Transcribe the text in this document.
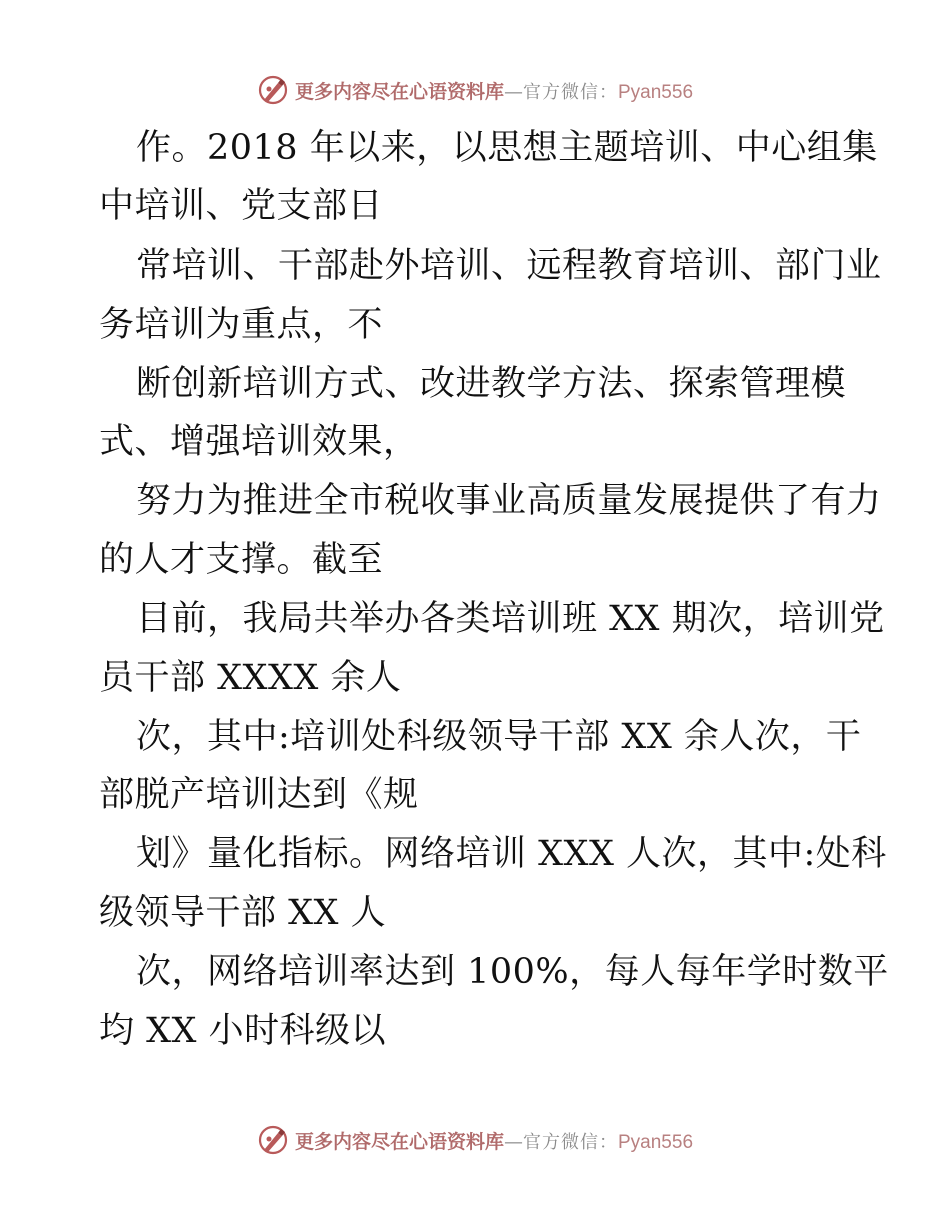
更多内容尽在心语资料库 — 官方微信： Pyan556
作。2018 年以来，以思想主题培训、中心组集
中培训、党支部日
常培训、干部赴外培训、远程教育培训、部门业
务培训为重点，不
断创新培训方式、改进教学方法、探索管理模
式、增强培训效果，
努力为推进全市税收事业高质量发展提供了有力
的人才支撑。截至
目前，我局共举办各类培训班 XX 期次，培训党
员干部 XXXX 余人
次，其中:培训处科级领导干部 XX 余人次，干
部脱产培训达到《规
划》量化指标。网络培训 XXX 人次，其中:处科
级领导干部 XX 人
次，网络培训率达到 100%，每人每年学时数平
均 XX 小时科级以
更多内容尽在心语资料库 — 官方微信： Pyan556
